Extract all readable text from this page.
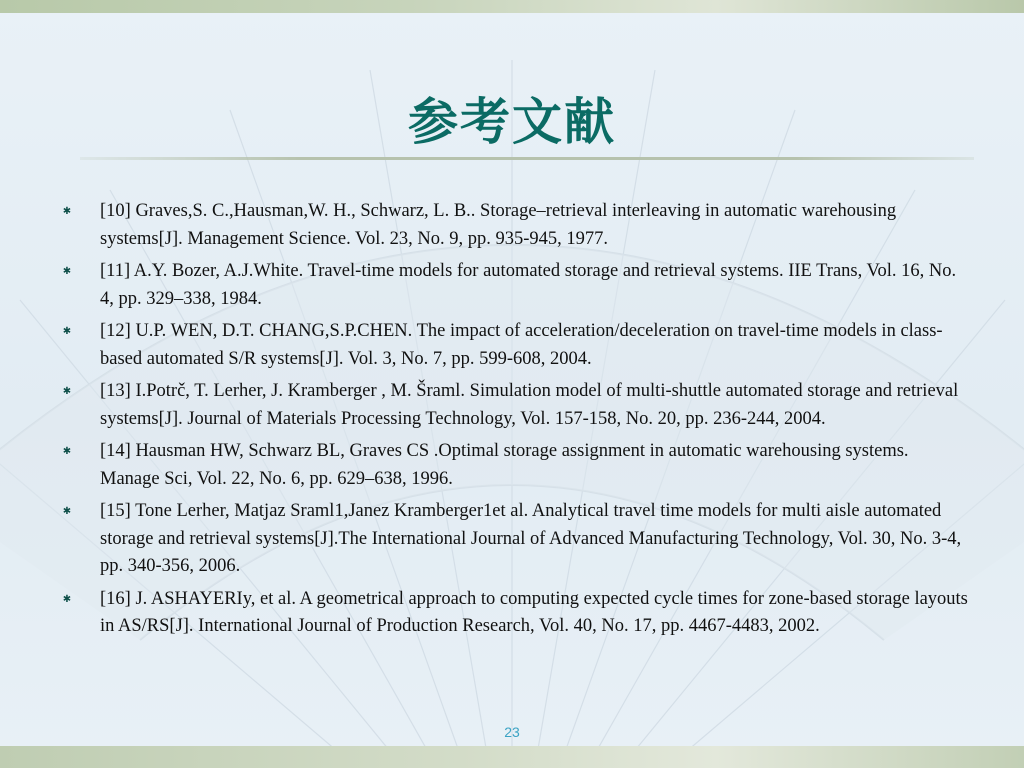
参考文献
✱ [10] Graves,S. C.,Hausman,W. H., Schwarz, L. B.. Storage–retrieval interleaving in automatic warehousing systems[J]. Management Science. Vol. 23, No. 9, pp. 935-945, 1977.
✱ [11] A.Y. Bozer, A.J.White. Travel-time models for automated storage and retrieval systems. IIE Trans, Vol. 16, No. 4, pp. 329–338, 1984.
✱ [12] U.P. WEN, D.T. CHANG,S.P.CHEN. The impact of acceleration/deceleration on travel-time models in class-based automated S/R systems[J]. Vol. 3, No. 7, pp. 599-608, 2004.
✱ [13] I.Potrč, T. Lerher, J. Kramberger , M. Šraml. Simulation model of multi-shuttle automated storage and retrieval systems[J]. Journal of Materials Processing Technology, Vol. 157-158, No. 20, pp. 236-244, 2004.
✱ [14] Hausman HW, Schwarz BL, Graves CS .Optimal storage assignment in automatic warehousing systems. Manage Sci, Vol. 22, No. 6, pp. 629–638, 1996.
✱ [15] Tone Lerher, Matjaz Sraml1,Janez Kramberger1et al. Analytical travel time models for multi aisle automated storage and retrieval systems[J].The International Journal of Advanced Manufacturing Technology, Vol. 30, No. 3-4, pp. 340-356, 2006.
✱ [16] J. ASHAYERIy, et al. A geometrical approach to computing expected cycle times for zone-based storage layouts in AS/RS[J]. International Journal of Production Research, Vol. 40, No. 17, pp. 4467-4483, 2002.
23
